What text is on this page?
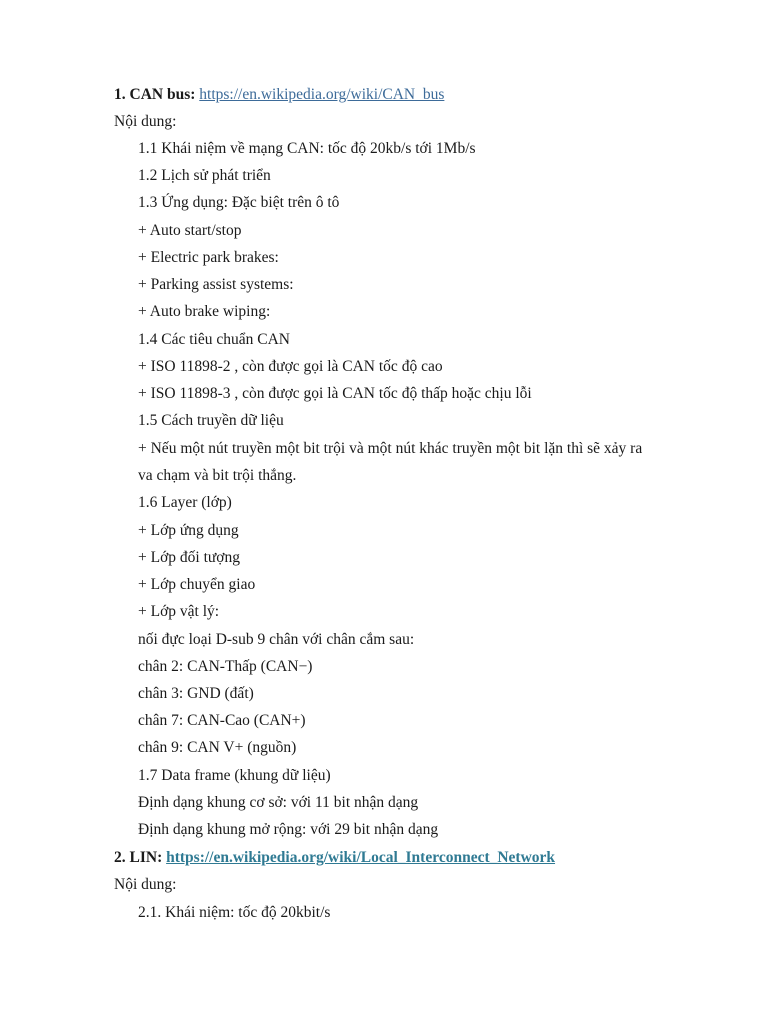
1. CAN bus: https://en.wikipedia.org/wiki/CAN_bus
Nội dung:
1.1 Khái niệm về mạng CAN: tốc độ 20kb/s tới 1Mb/s
1.2 Lịch sử phát triển
1.3 Ứng dụng: Đặc biệt trên ô tô
+ Auto start/stop
+ Electric park brakes:
+ Parking assist systems:
+ Auto brake wiping:
1.4 Các tiêu chuẩn CAN
+ ISO 11898-2 , còn được gọi là CAN tốc độ cao
+ ISO 11898-3 , còn được gọi là CAN tốc độ thấp hoặc chịu lỗi
1.5 Cách truyền dữ liệu
+ Nếu một nút truyền một bit trội và một nút khác truyền một bit lặn thì sẽ xảy ra
va chạm và bit trội thắng.
1.6 Layer (lớp)
+ Lớp ứng dụng
+ Lớp đối tượng
+ Lớp chuyển giao
+ Lớp vật lý:
nối đực loại D-sub 9 chân với chân cắm sau:
chân 2: CAN-Thấp (CAN−)
chân 3: GND (đất)
chân 7: CAN-Cao (CAN+)
chân 9: CAN V+ (nguồn)
1.7 Data frame (khung dữ liệu)
Định dạng khung cơ sở: với 11 bit nhận dạng
Định dạng khung mở rộng: với 29 bit nhận dạng
2. LIN: https://en.wikipedia.org/wiki/Local_Interconnect_Network
Nội dung:
2.1. Khái niệm: tốc độ 20kbit/s
